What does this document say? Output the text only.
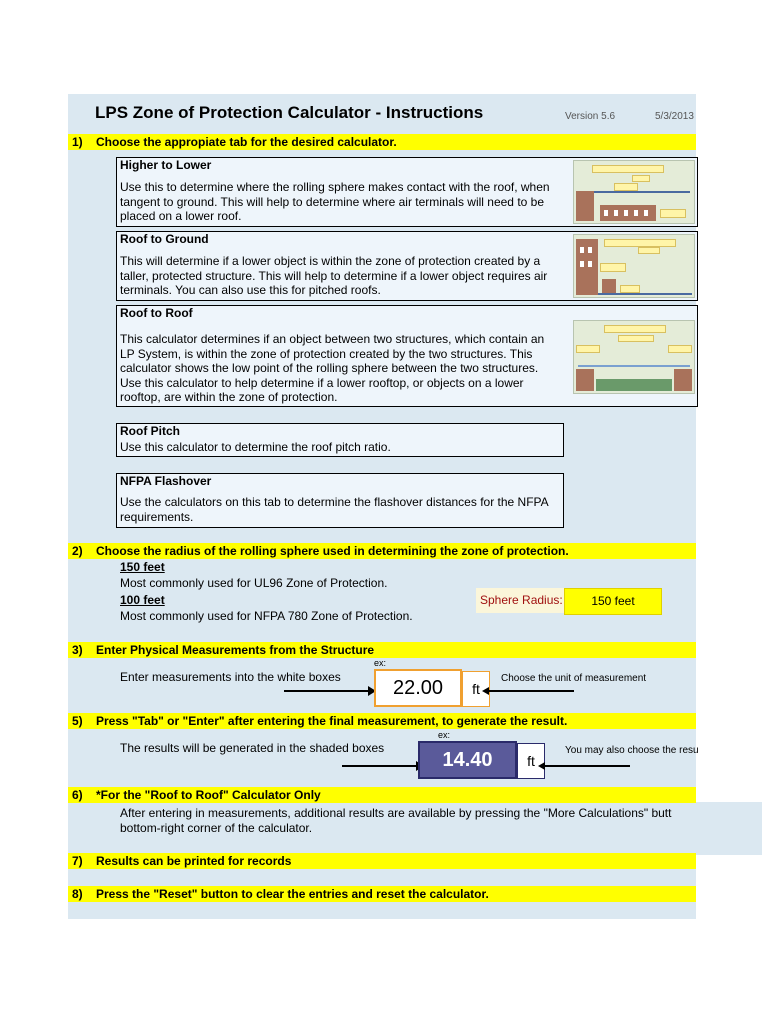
LPS Zone of Protection Calculator - Instructions	Version 5.6	5/3/2013
1) Choose the appropiate tab for the desired calculator.
Higher to Lower
Use this to determine where the rolling sphere makes contact with the roof, when tangent to ground. This will help to determine where air terminals will need to be placed on a lower roof.
Roof to Ground
This will determine if a lower object is within the zone of protection created by a taller, protected structure. This will help to determine if a lower object requires air terminals. You can also use this for pitched roofs.
Roof to Roof
This calculator determines if an object between two structures, which contain an LP System, is within the zone of protection created by the two structures. This calculator shows the low point of the rolling sphere between the two structures. Use this calculator to help determine if a lower rooftop, or objects on a lower rooftop, are within the zone of protection.
Roof Pitch
Use this calculator to determine the roof pitch ratio.
NFPA Flashover
Use the calculators on this tab to determine the flashover distances for the NFPA requirements.
2) Choose the radius of the rolling sphere used in determining the zone of protection.
150 feet
Most commonly used for UL96 Zone of Protection.
100 feet
Most commonly used for NFPA 780 Zone of Protection.
Sphere Radius:	150 feet
3) Enter Physical Measurements from the Structure
ex:
Enter measurements into the white boxes	22.00	ft
Choose the unit of measurement
5) Press "Tab" or "Enter" after entering the final measurement, to generate the result.
ex:
The results will be generated in the shaded boxes
14.40	ft
You may also choose the resu
6) *For the "Roof to Roof" Calculator Only
After entering in measurements, additional results are available by pressing the "More Calculations" butt
bottom-right corner of the calculator.
7) Results can be printed for records
8) Press the "Reset" button to clear the entries and reset the calculator.
